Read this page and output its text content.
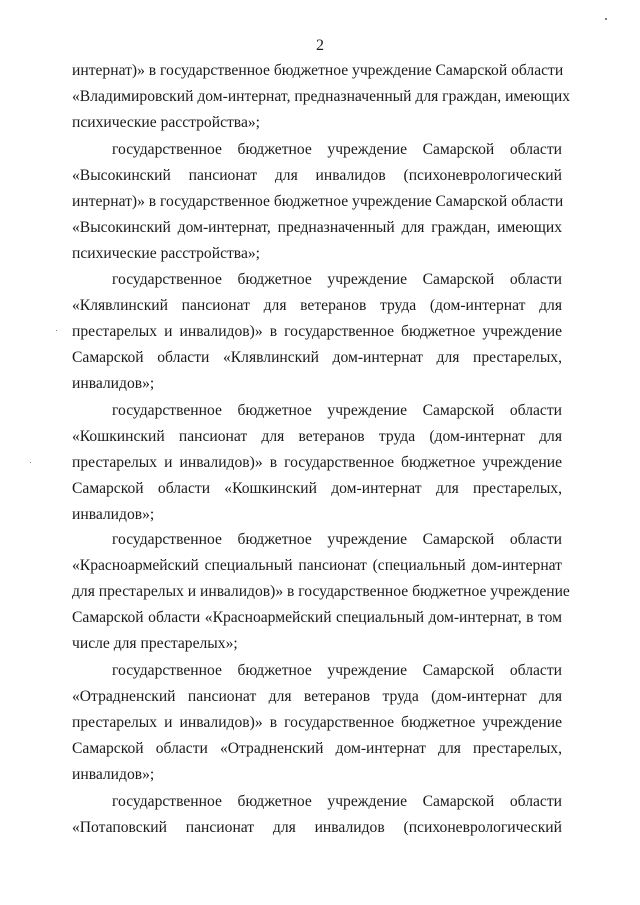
2
интернат)» в государственное бюджетное учреждение Самарской области
«Владимировский дом-интернат, предназначенный для граждан, имеющих
психические расстройства»;
государственное бюджетное учреждение Самарской области
«Высокинский пансионат для инвалидов (психоневрологический
интернат)» в государственное бюджетное учреждение Самарской области
«Высокинский дом-интернат, предназначенный для граждан, имеющих
психические расстройства»;
государственное бюджетное учреждение Самарской области
«Клявлинский пансионат для ветеранов труда (дом-интернат для
престарелых и инвалидов)» в государственное бюджетное учреждение
Самарской области «Клявлинский дом-интернат для престарелых,
инвалидов»;
государственное бюджетное учреждение Самарской области
«Кошкинский пансионат для ветеранов труда (дом-интернат для
престарелых и инвалидов)» в государственное бюджетное учреждение
Самарской области «Кошкинский дом-интернат для престарелых,
инвалидов»;
государственное бюджетное учреждение Самарской области
«Красноармейский специальный пансионат (специальный дом-интернат
для престарелых и инвалидов)» в государственное бюджетное учреждение
Самарской области «Красноармейский специальный дом-интернат, в том
числе для престарелых»;
государственное бюджетное учреждение Самарской области
«Отрадненский пансионат для ветеранов труда (дом-интернат для
престарелых и инвалидов)» в государственное бюджетное учреждение
Самарской области «Отрадненский дом-интернат для престарелых,
инвалидов»;
государственное бюджетное учреждение Самарской области
«Потаповский пансионат для инвалидов (психоневрологический
